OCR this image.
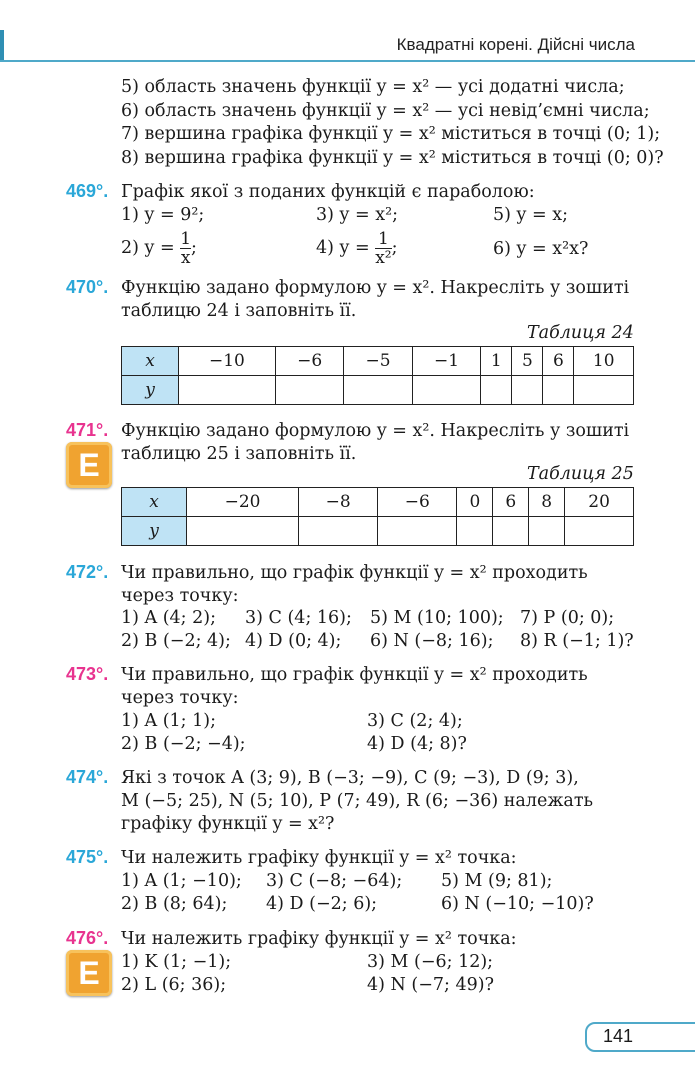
Квадратні корені. Дійсні числа
5) область значень функції y = x² — усі додатні числа;
6) область значень функції y = x² — усі невід’ємні числа;
7) вершина графіка функції y = x² міститься в точці (0; 1);
8) вершина графіка функції y = x² міститься в точці (0; 0)?
469°. Графік якої з поданих функцій є параболою:
1) y = 9²;	3) y = x²;	5) y = x;
2) $y = \frac{1}{x}$ ;	4) $y = \frac{1}{\text{x²}}$ ;	6) y = x²x?
470°. Функцію задано формулою y = x². Накресліть у зошиті
таблицю 24 і заповніть її.
Таблиця 24
x	−10	−6	−5	−1	1	5	6	10
y								
471°.
E
Функцію задано формулою y = x². Накресліть у зошиті
таблицю 25 і заповніть її.
Таблиця 25
x	−20	−8	−6	0	6	8	20
y							
472°. Чи правильно, що графік функції y = x² проходить
через точку:
1) A (4; 2); 3) C (4; 16); 5) M (10; 100); 7) P (0; 0);
2) B (−2; 4); 4) D (0; 4); 6) N (−8; 16); 8) R (−1; 1)?
473°. Чи правильно, що графік функції y = x² проходить
через точку:
1) A (1; 1);	3) C (2; 4);
2) B (−2; −4);	4) D (4; 8)?
474°. Які з точок A (3; 9), B (−3; −9), C (9; −3), D (9; 3),
M (−5; 25), N (5; 10), P (7; 49), R (6; −36) належать
графіку функції y = x²?
475°. Чи належить графіку функції y = x² точка:
1) A (1; −10); 3) C (−8; −64); 5) M (9; 81);
2) B (8; 64); 4) D (−2; 6);	6) N (−10; −10)?
476°.
E
Чи належить графіку функції y = x² точка:
1) K (1; −1);	3) M (−6; 12);
2) L (6; 36);	4) N (−7; 49)?
141
